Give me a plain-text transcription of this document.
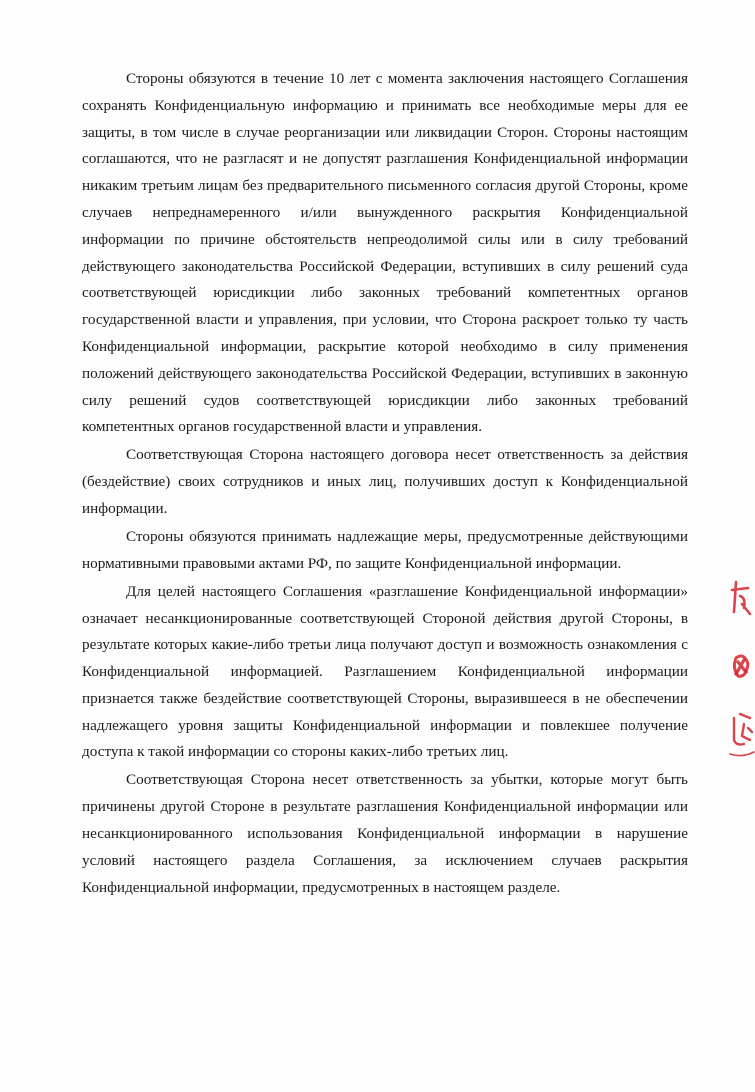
Стороны обязуются в течение 10 лет с момента заключения настоящего Соглашения сохранять Конфиденциальную информацию и принимать все необходимые меры для ее защиты, в том числе в случае реорганизации или ликвидации Сторон. Стороны настоящим соглашаются, что не разгласят и не допустят разглашения Конфиденциальной информации никаким третьим лицам без предварительного письменного согласия другой Стороны, кроме случаев непреднамеренного и/или вынужденного раскрытия Конфиденциальной информации по причине обстоятельств непреодолимой силы или в силу требований действующего законодательства Российской Федерации, вступивших в силу решений суда соответствующей юрисдикции либо законных требований компетентных органов государственной власти и управления, при условии, что Сторона раскроет только ту часть Конфиденциальной информации, раскрытие которой необходимо в силу применения положений действующего законодательства Российской Федерации, вступивших в законную силу решений судов соответствующей юрисдикции либо законных требований компетентных органов государственной власти и управления.

Соответствующая Сторона настоящего договора несет ответственность за действия (бездействие) своих сотрудников и иных лиц, получивших доступ к Конфиденциальной информации.

Стороны обязуются принимать надлежащие меры, предусмотренные действующими нормативными правовыми актами РФ, по защите Конфиденциальной информации.

Для целей настоящего Соглашения «разглашение Конфиденциальной информации» означает несанкционированные соответствующей Стороной действия другой Стороны, в результате которых какие-либо третьи лица получают доступ и возможность ознакомления с Конфиденциальной информацией. Разглашением Конфиденциальной информации признается также бездействие соответствующей Стороны, выразившееся в не обеспечении надлежащего уровня защиты Конфиденциальной информации и повлекшее получение доступа к такой информации со стороны каких-либо третьих лиц.

Соответствующая Сторона несет ответственность за убытки, которые могут быть причинены другой Стороне в результате разглашения Конфиденциальной информации или несанкционированного использования Конфиденциальной информации в нарушение условий настоящего раздела Соглашения, за исключением случаев раскрытия Конфиденциальной информации, предусмотренных в настоящем разделе.
